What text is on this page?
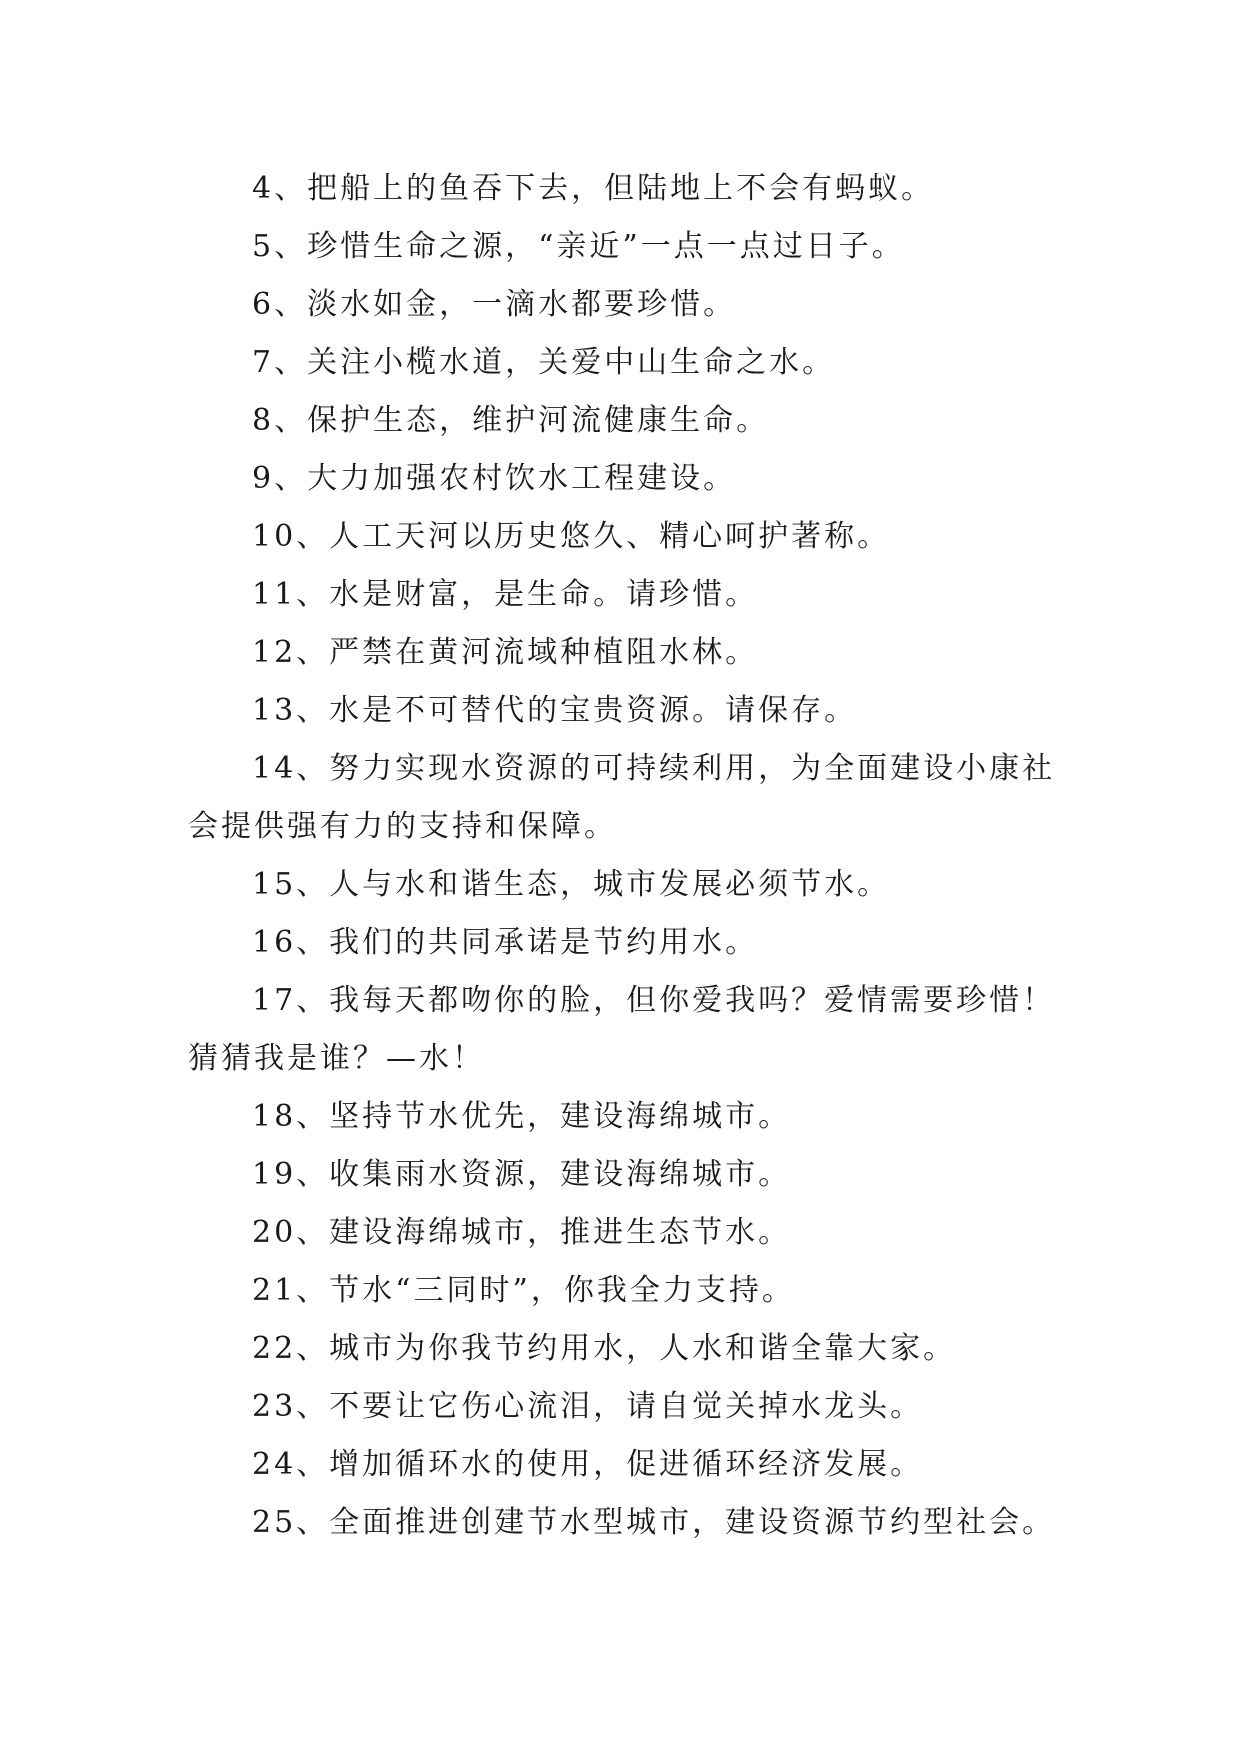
4、把船上的鱼吞下去，但陆地上不会有蚂蚁。
5、珍惜生命之源，“亲近”一点一点过日子。
6、淡水如金，一滴水都要珍惜。
7、关注小榄水道，关爱中山生命之水。
8、保护生态，维护河流健康生命。
9、大力加强农村饮水工程建设。
10、人工天河以历史悠久、精心呵护著称。
11、水是财富，是生命。请珍惜。
12、严禁在黄河流域种植阻水林。
13、水是不可替代的宝贵资源。请保存。
14、努力实现水资源的可持续利用，为全面建设小康社
会提供强有力的支持和保障。
15、人与水和谐生态，城市发展必须节水。
16、我们的共同承诺是节约用水。
17、我每天都吻你的脸，但你爱我吗？爱情需要珍惜！
猜猜我是谁？—水！
18、坚持节水优先，建设海绵城市。
19、收集雨水资源，建设海绵城市。
20、建设海绵城市，推进生态节水。
21、节水“三同时”，你我全力支持。
22、城市为你我节约用水，人水和谐全靠大家。
23、不要让它伤心流泪，请自觉关掉水龙头。
24、增加循环水的使用，促进循环经济发展。
25、全面推进创建节水型城市，建设资源节约型社会。
